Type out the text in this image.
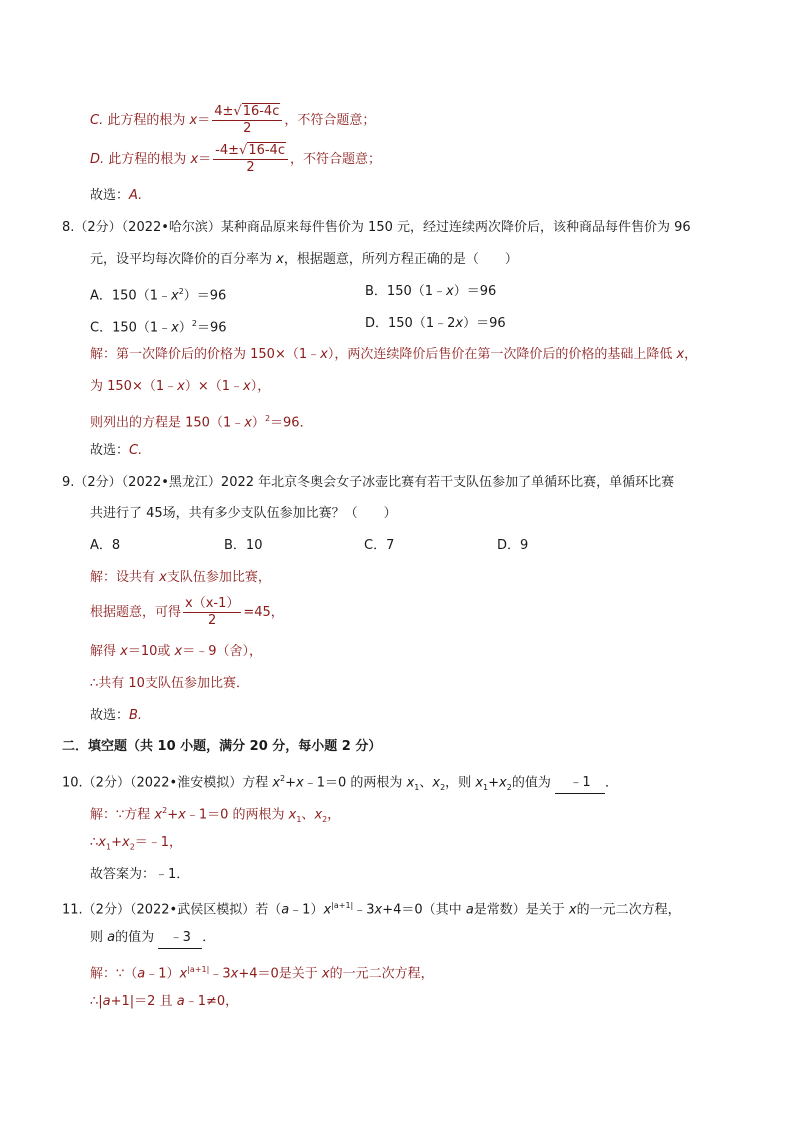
C. 此方程的根为 $x= \frac{4\pm√16-4c}{2}$ ，不符合题意；
D. 此方程的根为 $x= \frac{-4\pm√16-4c}{2}$ ，不符合题意；
故选：A.
8.（2分）（2022•哈尔滨）某种商品原来每件售价为 150 元，经过连续两次降价后，该种商品每件售价为 96
元，设平均每次降价的百分率为 x，根据题意，所列方程正确的是（　　）
A．$150(1﹣x^2)=96$	B．150（1﹣x）＝96
C．150（1﹣x）$^2$＝96	D．150（1﹣2x）＝96
解：第一次降价后的价格为 150×（1﹣x），两次连续降价后售价在第一次降价后的价格的基础上降低 x，
为 150×（1﹣x）×（1﹣x），
则列出的方程是 150（1﹣x）$^2$＝96．
故选：C.
9.（2分）（2022•黑龙江）2022 年北京冬奥会女子冰壶比赛有若干支队伍参加了单循环比赛，单循环比赛
共进行了 45场，共有多少支队伍参加比赛？（　　）
A．8	B．10	C．7	D．9
解：设共有 x支队伍参加比赛，
根据题意，可得 $\frac{x(x-1)}{2} =45$，
解得 x＝10或 x＝﹣9（舍），
∴共有 10支队伍参加比赛．
故选：B.
二．填空题（共 10 小题，满分 20 分，每小题 2 分）
10.（2分）（2022•淮安模拟）方程 $x^2+x﹣1=0$ 的两根为 $x_1$、$x_2$，则 $x_1+x_2$的值为 ﹣1 ．
解：∵方程 $x^2+x﹣1=0$ 的两根为 $x_1$、$x_2$，
$\therefore x_1+x_2=﹣1$，
故答案为：﹣1．
11.（2分）（2022•武侯区模拟）若$(a﹣1)x^{|a+1|}﹣3x+4=0$（其中 a是常数）是关于 x的一元二次方程，
则 a的值为 ﹣3 ．
解：$\because(a﹣1)x^{|a+1|}﹣3x+4=0$是关于 x的一元二次方程，
∴|a+1|＝2 且 a﹣1≠0，
